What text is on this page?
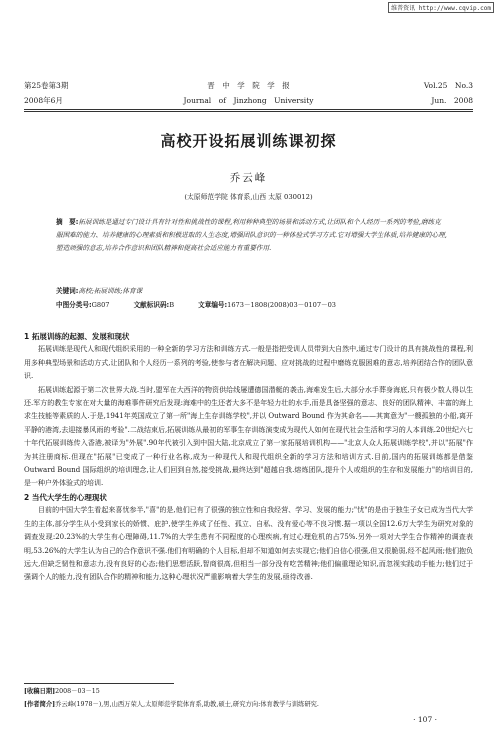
维普资讯 http://www.cqvip.com
第25卷第3期	晋　中　学　院　学　报	Vol.25　No.3
2008年6月	Journal　of　Jinzhong　University	Jun.　2008
高校开设拓展训练课初探
乔云峰
(太原师范学院 体育系,山西 太原 030012)
摘　要:拓展训练是通过专门设计具有针对性和挑战性的课程,利用种种典型的场景和活动方式,让团队和个人经历一系列的考验,磨练克服困难的能力、培养健康的心理素质和积极进取的人生态度,增强团队意识的一种体验式学习方式.它对增强大学生体质,培养健康的心理,塑造顽强的意志,培养合作意识和团队精神和提高社会适应能力有重要作用.
关键词:高校;拓展训练;体育课
中图分类号:G807	文献标识码:B	文章编号:1673－1808(2008)03－0107－03
1 拓展训练的起源、发展和现状

拓展训练是现代人和现代组织采用的一种全新的学习方法和训练方式.一般是指把受训人员带到大自然中,通过专门设计的具有挑战性的课程,利用多种典型场景和活动方式,让团队和个人经历一系列的考验,使参与者在解决问题、应对挑战的过程中磨练克服困难的意志,培养团结合作的团队意识.

拓展训练起源于第二次世界大战.当时,盟军在大西洋的物资供给线屡遭德国潜艇的袭击,海难发生后,大部分水手葬身海底,只有极少数人得以生还.军方的教生专家在对大量的海难事件研究后发现:海难中的生还者大多不是年轻力壮的水手,而是具备坚强的意志、良好的团队精神、丰富的海上求生技能等素质的人.于是,1941年英国成立了第一所"海上生存训练学校",并以 Outward Bound 作为其命名——其寓意为"一艘孤独的小船,离开平静的港湾,去迎接暴风雨的考验".二战结束后,拓展训练从最初的军事生存训练演变成为现代人如何在现代社会生活和学习的人本训练.20世纪六七十年代拓展训练传入香港,被译为"外展".90年代被引入到中国大陆,北京成立了第一家拓展培训机构——"北京人众人拓展训练学校",并以"拓展"作为其注册商标.但现在"拓展"已变成了一种行业名称,成为一种现代人和现代组织全新的学习方法和培训方式.目前,国内的拓展训练都是借鉴 Outward Bound 国际组织的培训理念,让人们回到自然,接受挑战,最终达到"超越自我.熔炼团队,提升个人或组织的生存和发展能力"的培训目的,是一种户外体验式的培训.

2 当代大学生的心理现状

目前的中国大学生看起来喜忧参半,"喜"的是,他们已有了很强的独立性和自我经营、学习、发展的能力;"忧"的是由于独生子女已成为当代大学生的主体,部分学生从小受到家长的娇惯、庇护,使学生养成了任性、孤立、自私、没有爱心等不良习惯.据一项以全国12.6万大学生为研究对象的调查发现:20.23%的大学生有心理障碍,11.7%的大学生患有不同程度的心理疾病,有过心理危机的占75%.另外一项对大学生合作精神的调查表明,53.26%的大学生认为自己的合作意识不强.他们有明确的个人目标,但却不知道如何去实现它;他们自信心很强,但又很脆弱,经不起风雨;他们抱负远大,但缺乏韧性和意志力,没有良好的心态;他们思想活跃,智商很高,但相当一部分没有吃苦精神;他们偏重理论知识,而忽视实践动手能力;他们过于强调个人的能力,没有团队合作的精神和能力,这种心理状况严重影响着大学生的发展,亟待改善.

[收稿日期]2008－03－15
[作者简介]乔云峰(1978－),男,山西万荣人,太原师范学院体育系,助教,硕士,研究方向:体育教学与训练研究.
· 107 ·
